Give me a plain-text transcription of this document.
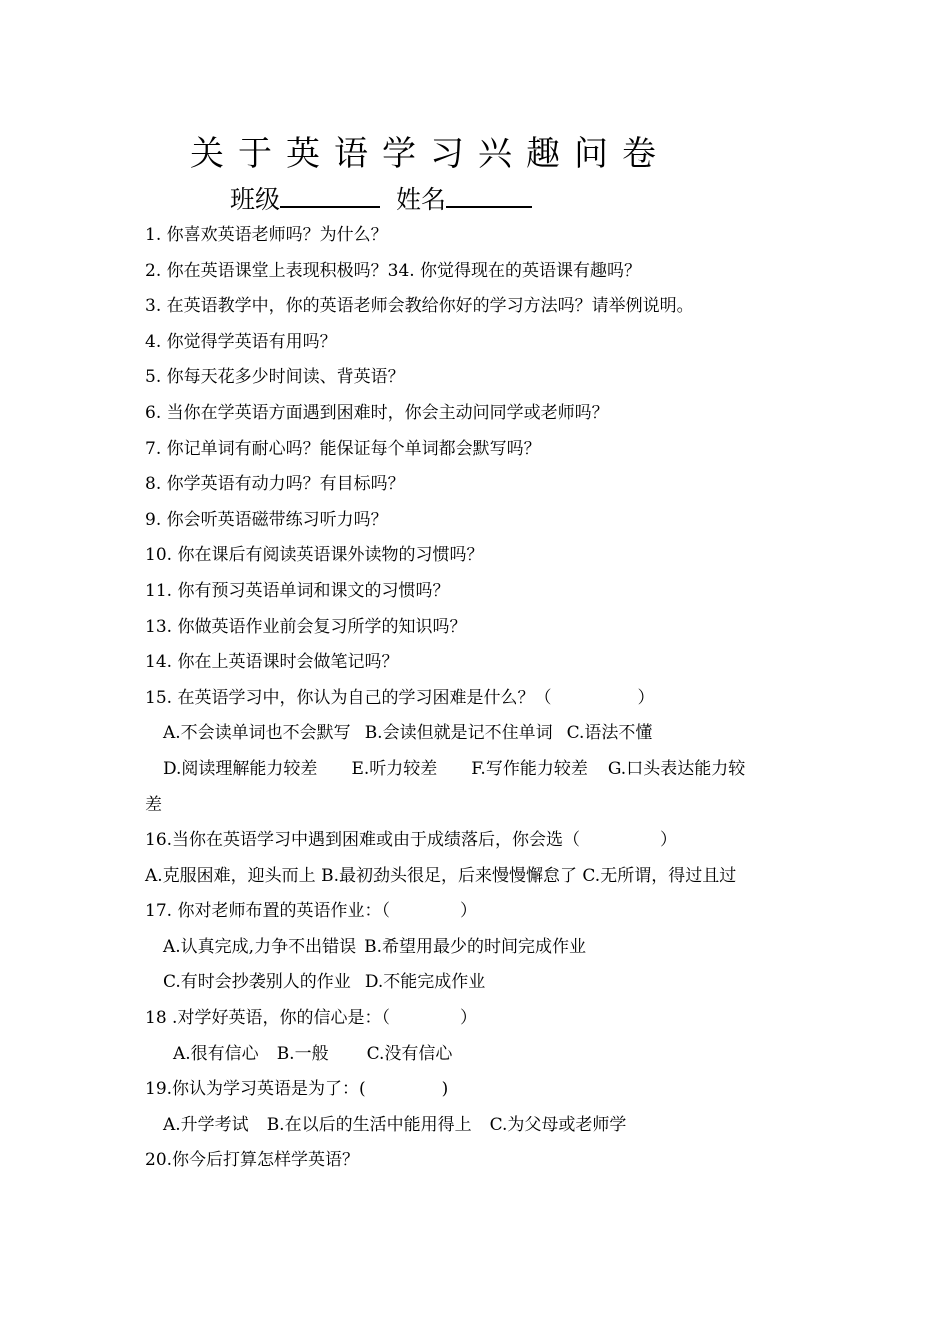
关于英语学习兴趣问卷
班级	姓名
1. 你喜欢英语老师吗？为什么？
2. 你在英语课堂上表现积极吗？34. 你觉得现在的英语课有趣吗？
3. 在英语教学中，你的英语老师会教给你好的学习方法吗？请举例说明。
4. 你觉得学英语有用吗？
5. 你每天花多少时间读、背英语？
6. 当你在学英语方面遇到困难时，你会主动问同学或老师吗？
7. 你记单词有耐心吗？能保证每个单词都会默写吗？
8. 你学英语有动力吗？有目标吗？
9. 你会听英语磁带练习听力吗？
10. 你在课后有阅读英语课外读物的习惯吗？
11. 你有预习英语单词和课文的习惯吗？
13. 你做英语作业前会复习所学的知识吗？
14. 你在上英语课时会做笔记吗？
15. 在英语学习中，你认为自己的学习困难是什么？（	）
A.不会读单词也不会默写 B.会读但就是记不住单词 C.语法不懂
D.阅读理解能力较差 E.听力较差 F.写作能力较差 G.口头表达能力较
差
16.当你在英语学习中遇到困难或由于成绩落后，你会选（	）
A.克服困难，迎头而上 B.最初劲头很足，后来慢慢懈怠了 C.无所谓，得过且过
17. 你对老师布置的英语作业：（	）
A.认真完成,力争不出错误 B.希望用最少的时间完成作业
C.有时会抄袭别人的作业 D.不能完成作业
18 .对学好英语，你的信心是：（	）
A.很有信心 B.一般 C.没有信心
19.你认为学习英语是为了：(	)
A.升学考试 B.在以后的生活中能用得上 C.为父母或老师学
20.你今后打算怎样学英语？
